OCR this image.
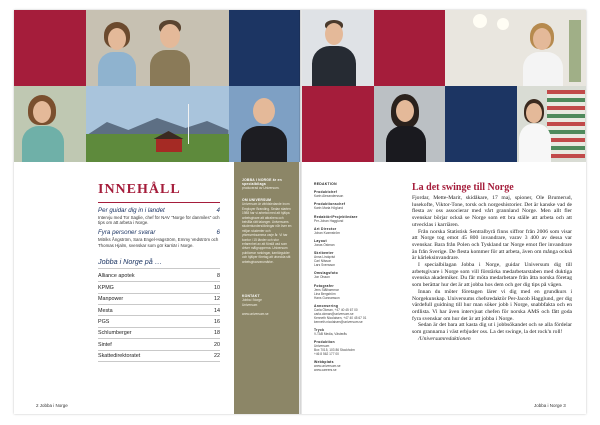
INNEHÅLL
Per guidar dig in i landet	4
Intervju med Tor Saglie, chef för NAV "Norge för danmiles" och tips om att arbeta i Norge.
Fyra personer svarar	6
Mitriks Ångström, Sara Engel-Hagström, Emmy Vedström och Thomas Hjalm, svenskar som gör karriär i Norge.
Jobba i Norge på …
Alliance apotek	8
KPMG	10
Manpower	12
Mesta	14
PGS	16
Schlumberger	18
Sintef	20
Skattedirektoratet	22
JOBBA I NORGE är en specialbilaga
producerad av Universum.
OM UNIVERSUM
Universum är världsledande inom Employer Branding. Sedan starten 1988 har vi arbetat med att hjälpa arbetsgivare att attrahera och behålla rätt talanger. Universums studentundersökningar når över en miljon studenter och yrkesverksamma varje år. Vi har kontor i 15 länder och stor erfarenhet av att förstå vad som driver målgrupperna. Universum publicerar rankingar, karriärguider och hjälper företag att utveckla sitt arbetsgivarvarumärke.
KONTAKT
Jobba i Norge
Universum
www.universum.se
2 Jobba i Norge
REDAKTION
Produktchef
Karin Alexandersson
Produktionschef
Karin Maria Höglund
Redaktör/Projektledare
Per-Johan Hagglund
Art Director
Johan Kvarnström
Layout
Jonas Östman
Skribenter
Anna Lindqvist
Carl Nilsson
Lars Svensson
Omslagsfoto
Jon Olsson
Fotografer
Jens Stålhammar
Lina Bergström
Hans Gunnarsson
Annonsering
Carla Ökman, +47 40 45 67 00
carla.okman@universum.se
Kenneth Nicolaisen, +47 40 45 67 01
kenneth.nicolaisen@universum.se
Tryck
V-TAB Media, Västerås
Produktion
Universum
Box 7015, 103 86 Stockholm
+46 8 562 177 00
Webbplats
www.universum.se
www.careers.se
La det swinge till Norge

Fjordar, Mette-Marit, skidåkare, 17 maj, spioner, Ole Brumerud, lusekofte, Viktor-Tone, torsk och norgeshistorier. Det är kanske vad de flesta av oss associerar med vårt grannland Norge. Men allt fler svenskar börjar också se Norge som ett bra ställe att arbeta och att utvecklas i karriären.

Från norska Statistisk Sentralbyrå finns siffror från 2006 som visar att Norge tog emot 45 800 invandrare, varav 3 400 av dessa var svenskar. Bara från Polen och Tyskland tar Norge emot fler invandrare än från Sverige. De flesta kommer för att arbeta, även om många också är kärleksinvandrare.

I specialbilagan Jobba i Norge, guidar Universum dig till arbetsgivare i Norge som vill förstärka medarbetarstaben med duktiga svenska akademiker. Du får möta medarbetare från åtta norska företag som berättar hur det är att jobba hos dem och ger dig tips på vägen.

Innan du möter företagen lärer vi dig med en grundkurs i Norgekunskap. Universums chefsredaktör Per-Jacob Hagglund, ger dig värdefull guidning till hur man söker jobb i Norge, snabbfakta och en ordlista. Vi har även intervjuat chefen för norska AMS och fått goda fyra svenskar om hur det är att jobba i Norge.

Sedan är det bara att kasta dig ut i jobbsökandet och se alla fördelar som grannarna i väst erbjuder oss. La det swinge, la det rock'n roll!

/Universumredaktionen

Jobba i Norge 3
